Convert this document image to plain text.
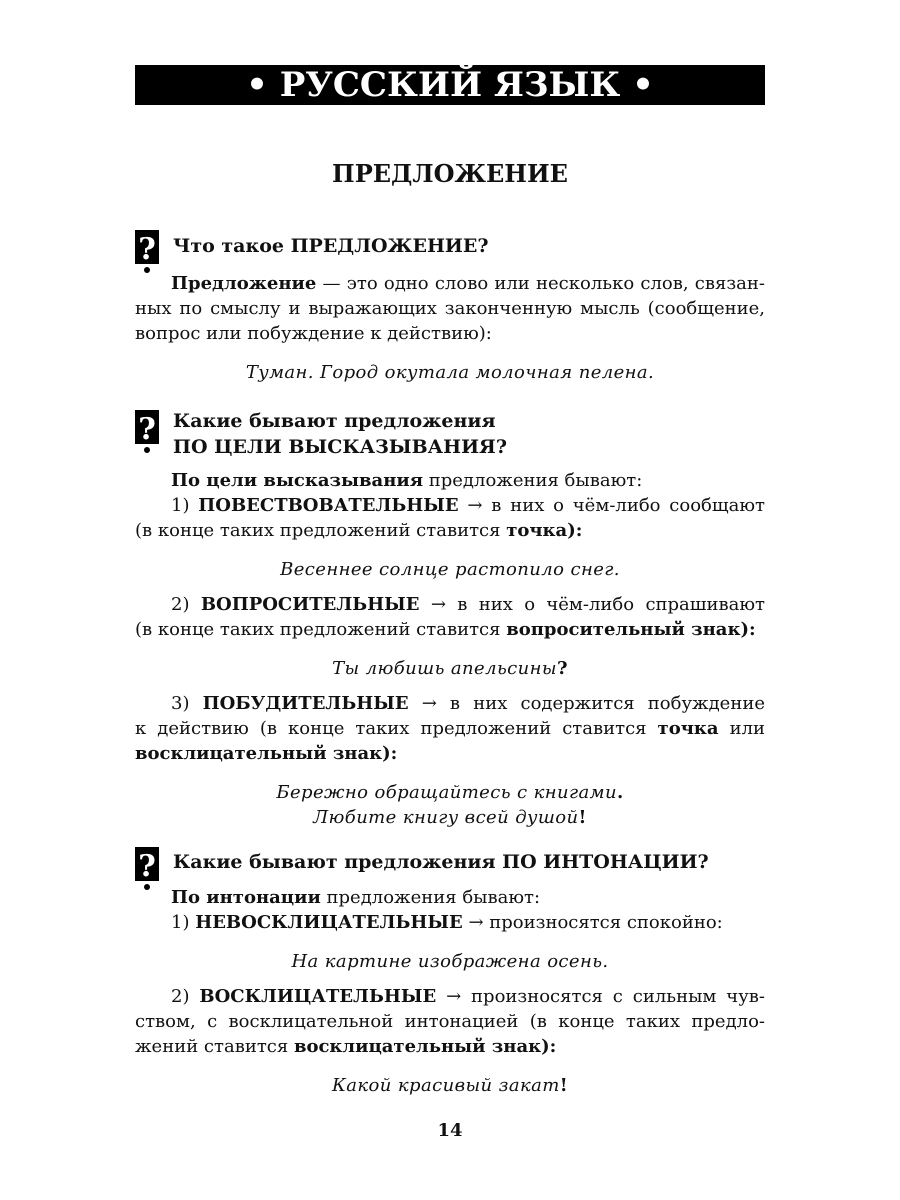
• РУССКИЙ ЯЗЫК •
ПРЕДЛОЖЕНИЕ
? Что такое ПРЕДЛОЖЕНИЕ?
Предложение — это одно слово или несколько слов, связан-
ных по смыслу и выражающих законченную мысль (сообщение,
вопрос или побуждение к действию):
Туман. Город окутала молочная пелена.
? Какие бывают предложения
ПО ЦЕЛИ ВЫСКАЗЫВАНИЯ?
По цели высказывания предложения бывают:
1) ПОВЕСТВОВАТЕЛЬНЫЕ → в них о чём-либо сообщают
(в конце таких предложений ставится точка):
Весеннее солнце растопило снег.
2) ВОПРОСИТЕЛЬНЫЕ → в них о чём-либо спрашивают
(в конце таких предложений ставится вопросительный знак):
Ты любишь апельсины?
3) ПОБУДИТЕЛЬНЫЕ → в них содержится побуждение
к действию (в конце таких предложений ставится точка или
восклицательный знак):
Бережно обращайтесь с книгами.
Любите книгу всей душой!
? Какие бывают предложения ПО ИНТОНАЦИИ?
По интонации предложения бывают:
1) НЕВОСКЛИЦАТЕЛЬНЫЕ → произносятся спокойно:
На картине изображена осень.
2) ВОСКЛИЦАТЕЛЬНЫЕ → произносятся с сильным чув-
ством, с восклицательной интонацией (в конце таких предло-
жений ставится восклицательный знак):
Какой красивый закат!
14
